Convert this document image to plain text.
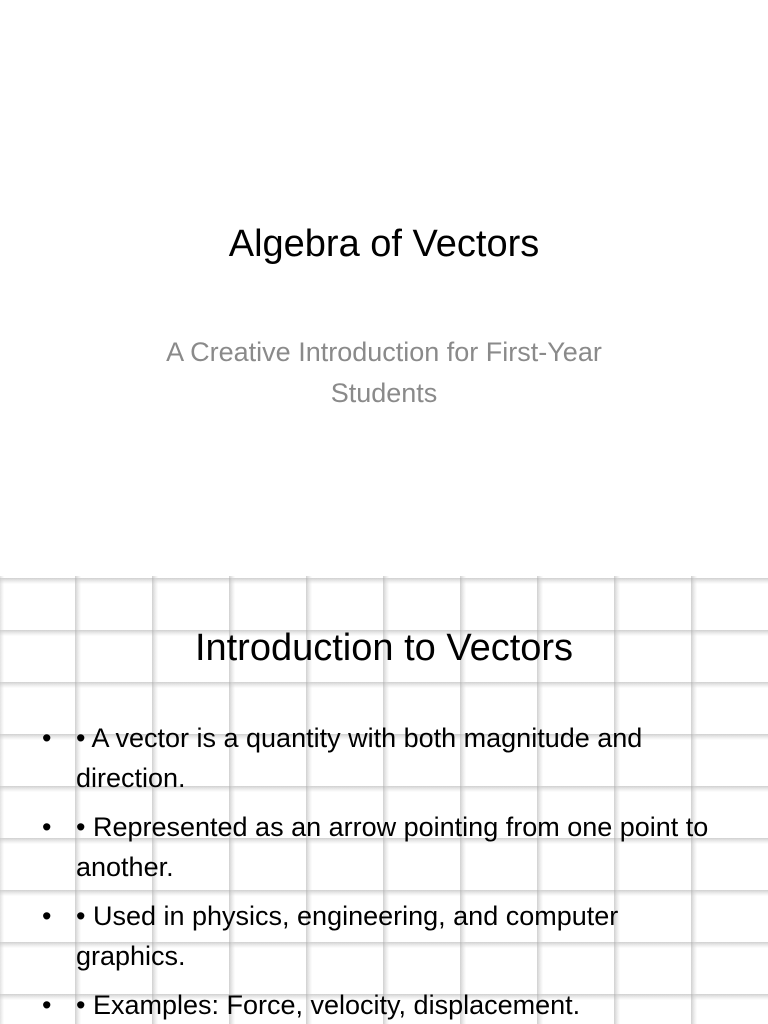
Algebra of Vectors
A Creative Introduction for First-Year Students
Introduction to Vectors
• • A vector is a quantity with both magnitude and direction.
• • Represented as an arrow pointing from one point to another.
• • Used in physics, engineering, and computer graphics.
• • Examples: Force, velocity, displacement.
